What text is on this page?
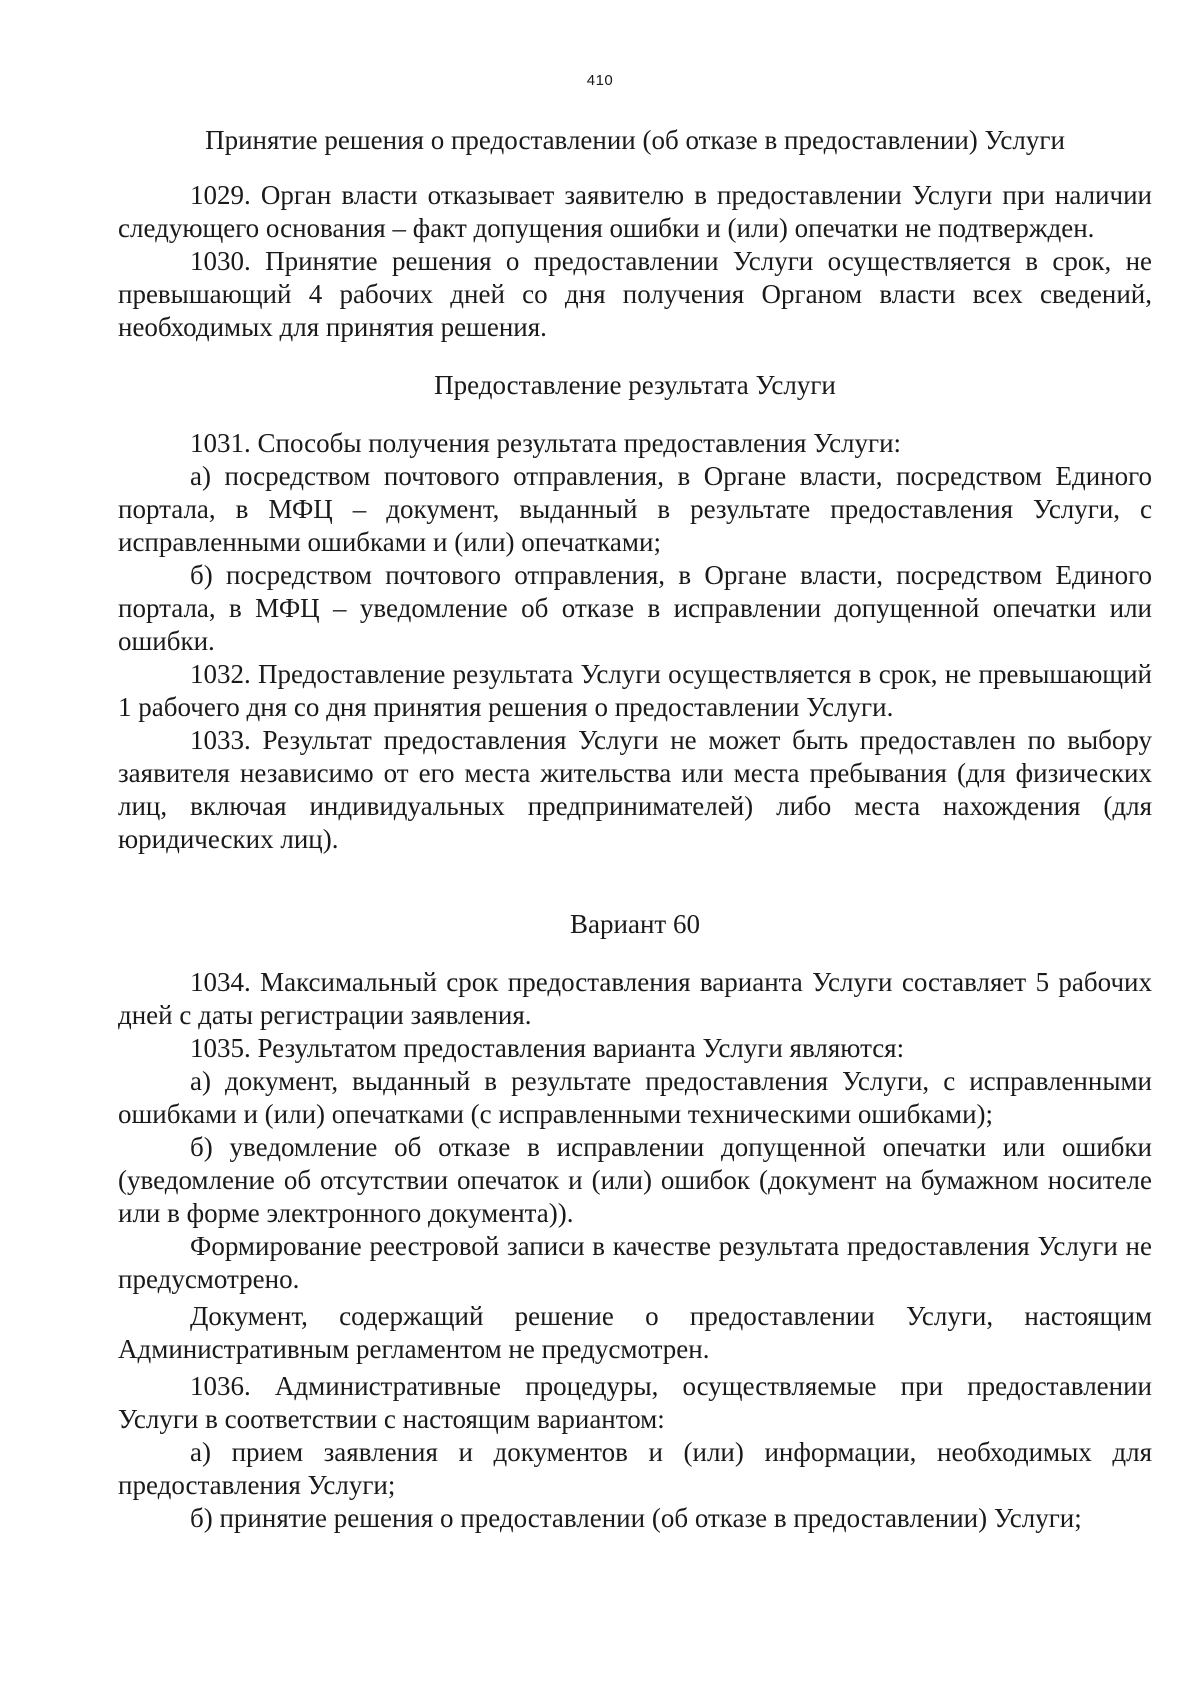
410

Принятие решения о предоставлении (об отказе в предоставлении) Услуги

1029. Орган власти отказывает заявителю в предоставлении Услуги при наличии следующего основания – факт допущения ошибки и (или) опечатки не подтвержден.

1030. Принятие решения о предоставлении Услуги осуществляется в срок, не превышающий 4 рабочих дней со дня получения Органом власти всех сведений, необходимых для принятия решения.

Предоставление результата Услуги

1031. Способы получения результата предоставления Услуги:

а) посредством почтового отправления, в Органе власти, посредством Единого портала, в МФЦ – документ, выданный в результате предоставления Услуги, с исправленными ошибками и (или) опечатками;

б) посредством почтового отправления, в Органе власти, посредством Единого портала, в МФЦ – уведомление об отказе в исправлении допущенной опечатки или ошибки.

1032. Предоставление результата Услуги осуществляется в срок, не превышающий 1 рабочего дня со дня принятия решения о предоставлении Услуги.

1033. Результат предоставления Услуги не может быть предоставлен по выбору заявителя независимо от его места жительства или места пребывания (для физических лиц, включая индивидуальных предпринимателей) либо места нахождения (для юридических лиц).

Вариант 60

1034. Максимальный срок предоставления варианта Услуги составляет 5 рабочих дней с даты регистрации заявления.

1035. Результатом предоставления варианта Услуги являются:

а) документ, выданный в результате предоставления Услуги, с исправленными ошибками и (или) опечатками (с исправленными техническими ошибками);

б) уведомление об отказе в исправлении допущенной опечатки или ошибки (уведомление об отсутствии опечаток и (или) ошибок (документ на бумажном носителе или в форме электронного документа)).

Формирование реестровой записи в качестве результата предоставления Услуги не предусмотрено.

Документ, содержащий решение о предоставлении Услуги, настоящим Административным регламентом не предусмотрен.

1036. Административные процедуры, осуществляемые при предоставлении Услуги в соответствии с настоящим вариантом:

а) прием заявления и документов и (или) информации, необходимых для предоставления Услуги;

б) принятие решения о предоставлении (об отказе в предоставлении) Услуги;
